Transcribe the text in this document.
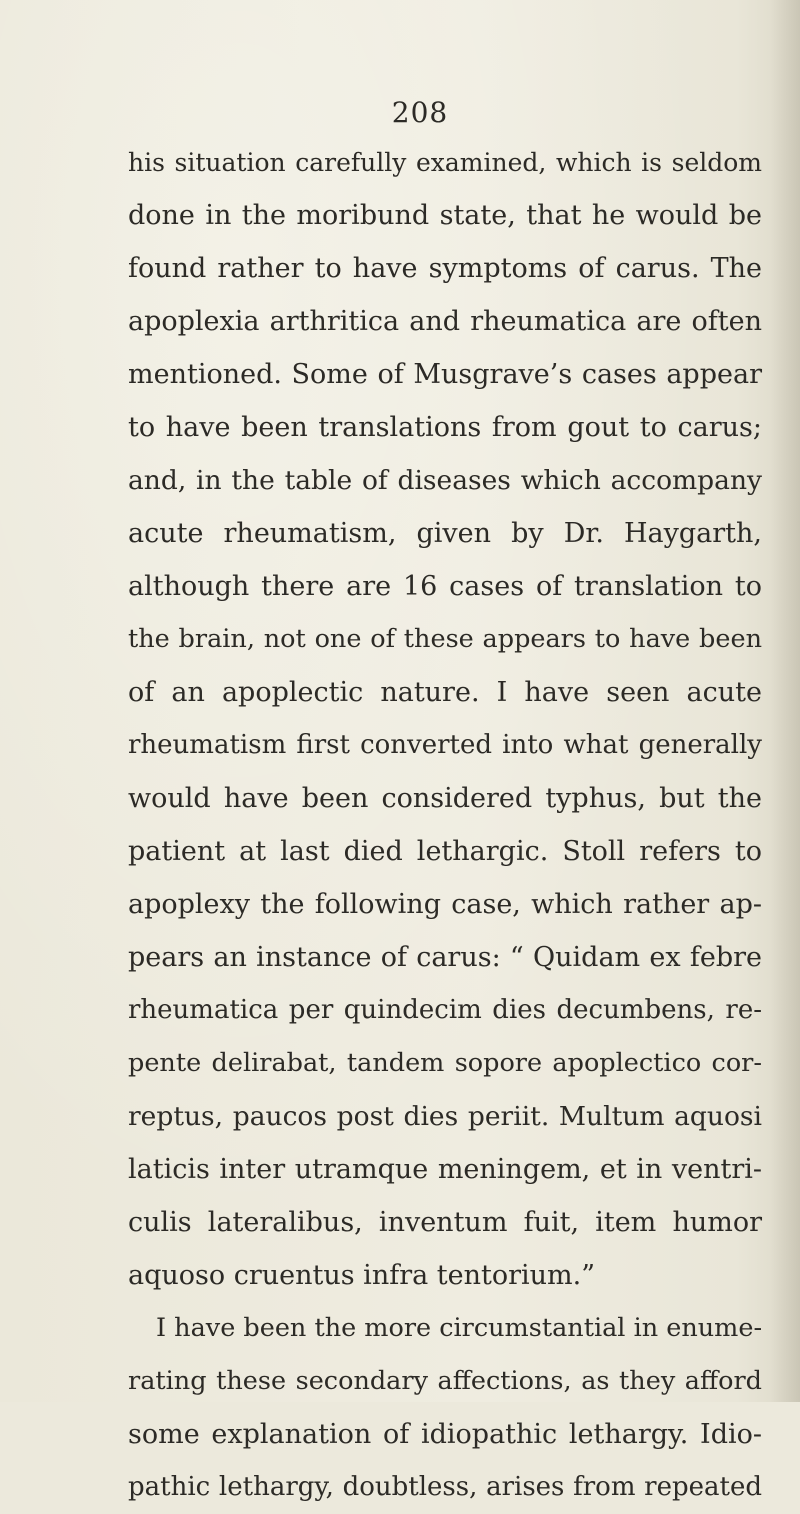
208
his situation carefully examined, which is seldom
done in the moribund state, that he would be
found rather to have symptoms of carus. The
apoplexia arthritica and rheumatica are often
mentioned. Some of Musgrave’s cases appear
to have been translations from gout to carus;
and, in the table of diseases which accompany
acute rheumatism, given by Dr. Haygarth,
although there are 16 cases of translation to
the brain, not one of these appears to have been
of an apoplectic nature. I have seen acute
rheumatism first converted into what generally
would have been considered typhus, but the
patient at last died lethargic. Stoll refers to
apoplexy the following case, which rather ap-
pears an instance of carus: “ Quidam ex febre
rheumatica per quindecim dies decumbens, re-
pente delirabat, tandem sopore apoplectico cor-
reptus, paucos post dies periit. Multum aquosi
laticis inter utramque meningem, et in ventri-
culis lateralibus, inventum fuit, item humor
aquoso cruentus infra tentorium.”
I have been the more circumstantial in enume-
rating these secondary affections, as they afford
some explanation of idiopathic lethargy. Idio-
pathic lethargy, doubtless, arises from repeated
